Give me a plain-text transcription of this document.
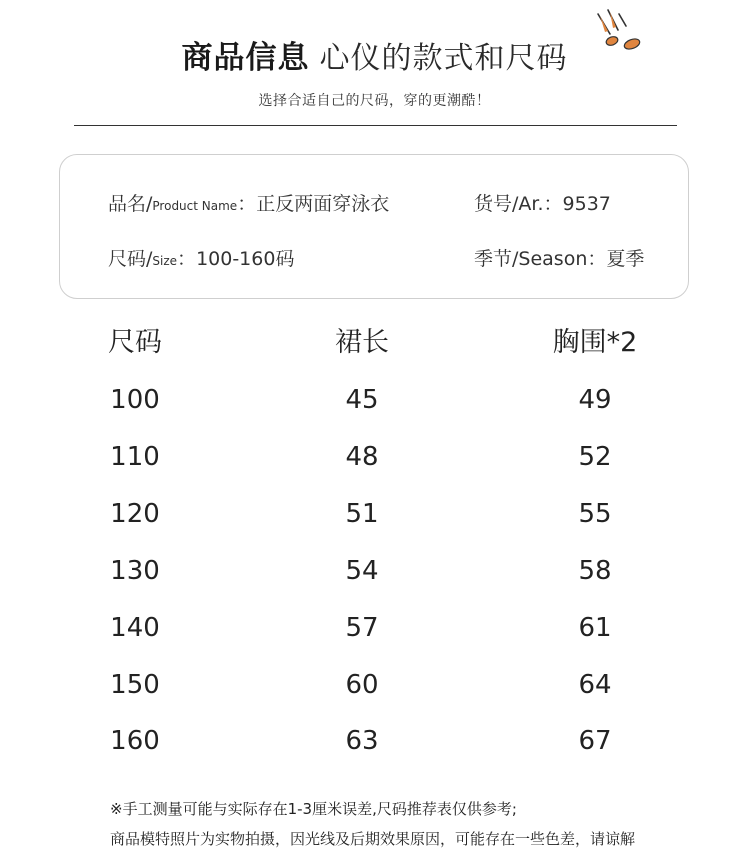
商品信息 心仪的款式和尺码
选择合适自己的尺码，穿的更潮酷！
品名/Product Name：正反两面穿泳衣	货号/Ar.：9537
尺码/Size：100-160码	季节/Season：夏季
尺码	裙长	胸围*2
100	45	49
110	48	52
120	51	55
130	54	58
140	57	61
150	60	64
160	63	67
※手工测量可能与实际存在1-3厘米误差,尺码推荐表仅供参考;
商品模特照片为实物拍摄，因光线及后期效果原因，可能存在一些色差，请谅解
